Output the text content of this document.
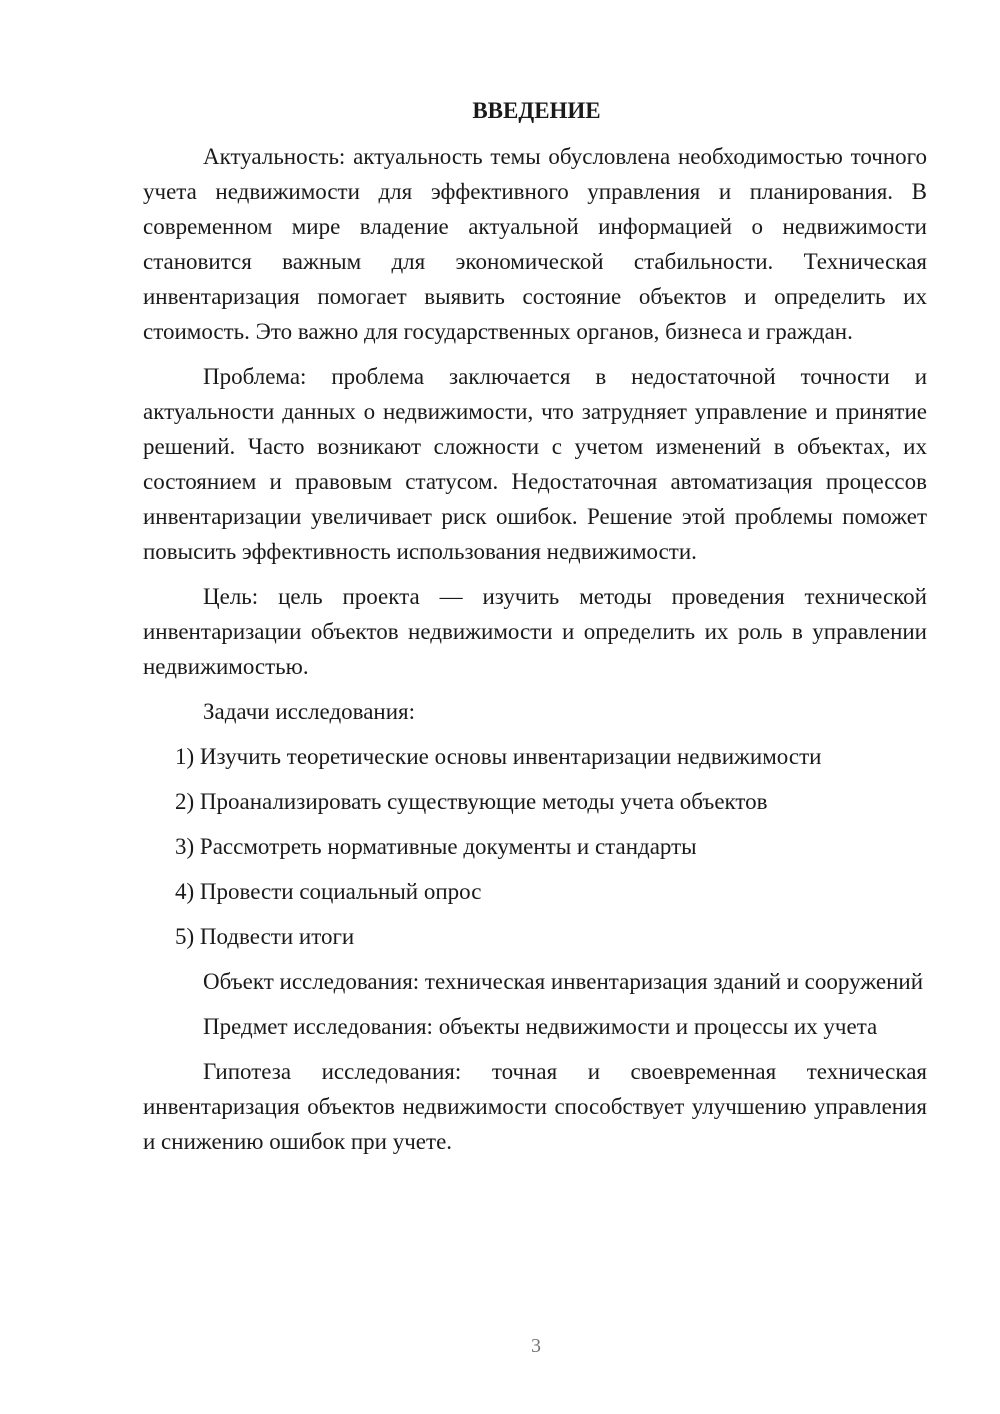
ВВЕДЕНИЕ

Актуальность: актуальность темы обусловлена необходимостью точного учета недвижимости для эффективного управления и планирования. В современном мире владение актуальной информацией о недвижимости становится важным для экономической стабильности. Техническая инвентаризация помогает выявить состояние объектов и определить их стоимость. Это важно для государственных органов, бизнеса и граждан.

Проблема: проблема заключается в недостаточной точности и актуальности данных о недвижимости, что затрудняет управление и принятие решений. Часто возникают сложности с учетом изменений в объектах, их состоянием и правовым статусом. Недостаточная автоматизация процессов инвентаризации увеличивает риск ошибок. Решение этой проблемы поможет повысить эффективность использования недвижимости.

Цель: цель проекта — изучить методы проведения технической инвентаризации объектов недвижимости и определить их роль в управлении недвижимостью.

Задачи исследования:

1) Изучить теоретические основы инвентаризации недвижимости
2) Проанализировать существующие методы учета объектов
3) Рассмотреть нормативные документы и стандарты
4) Провести социальный опрос
5) Подвести итоги

Объект исследования: техническая инвентаризация зданий и сооружений

Предмет исследования: объекты недвижимости и процессы их учета

Гипотеза исследования: точная и своевременная техническая инвентаризация объектов недвижимости способствует улучшению управления и снижению ошибок при учете.

3
